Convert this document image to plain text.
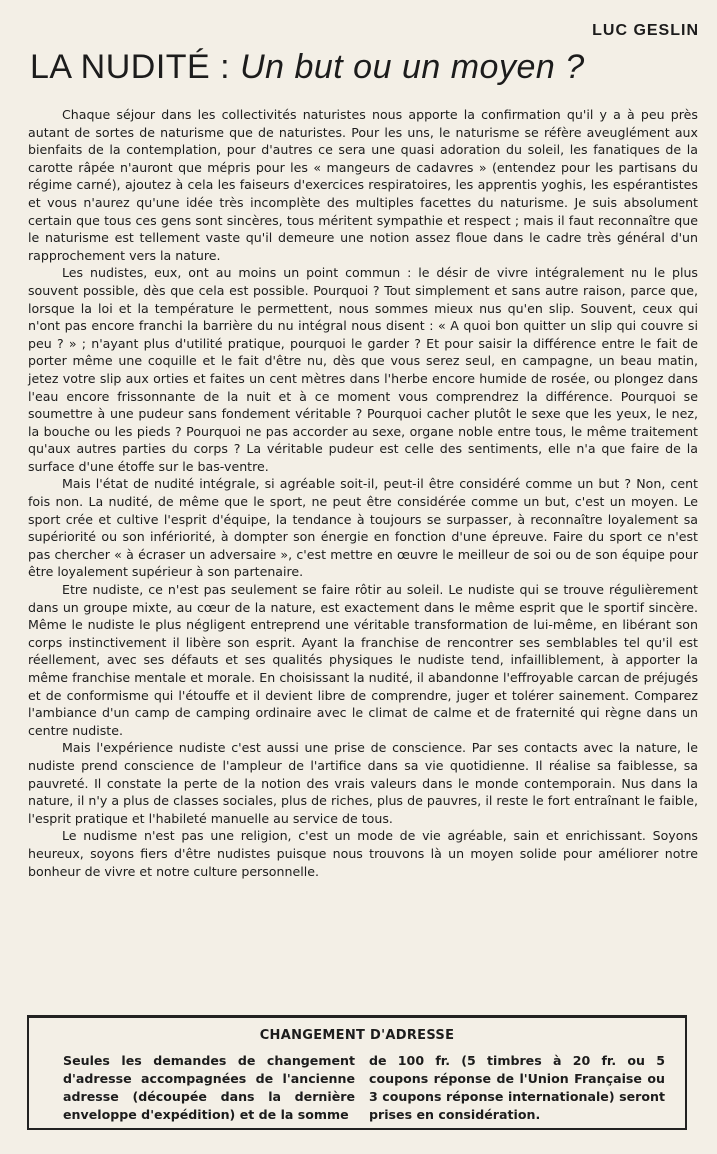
LUC GESLIN
LA NUDITÉ : Un but ou un moyen ?

Chaque séjour dans les collectivités naturistes nous apporte la confirmation qu'il y a à peu près autant de sortes de naturisme que de naturistes. Pour les uns, le naturisme se réfère aveuglément aux bienfaits de la contemplation, pour d'autres ce sera une quasi adoration du soleil, les fanatiques de la carotte râpée n'auront que mépris pour les « mangeurs de cadavres » (entendez pour les partisans du régime carné), ajoutez à cela les faiseurs d'exercices respiratoires, les apprentis yoghis, les espérantistes et vous n'aurez qu'une idée très incomplète des multiples facettes du naturisme. Je suis absolument certain que tous ces gens sont sincères, tous méritent sympathie et respect ; mais il faut reconnaître que le naturisme est tellement vaste qu'il demeure une notion assez floue dans le cadre très général d'un rapprochement vers la nature.

Les nudistes, eux, ont au moins un point commun : le désir de vivre intégralement nu le plus souvent possible, dès que cela est possible. Pourquoi ? Tout simplement et sans autre raison, parce que, lorsque la loi et la température le permettent, nous sommes mieux nus qu'en slip. Souvent, ceux qui n'ont pas encore franchi la barrière du nu intégral nous disent : « A quoi bon quitter un slip qui couvre si peu ? » ; n'ayant plus d'utilité pratique, pourquoi le garder ? Et pour saisir la différence entre le fait de porter même une coquille et le fait d'être nu, dès que vous serez seul, en campagne, un beau matin, jetez votre slip aux orties et faites un cent mètres dans l'herbe encore humide de rosée, ou plongez dans l'eau encore frissonnante de la nuit et à ce moment vous comprendrez la différence. Pourquoi se soumettre à une pudeur sans fondement véritable ? Pourquoi cacher plutôt le sexe que les yeux, le nez, la bouche ou les pieds ? Pourquoi ne pas accorder au sexe, organe noble entre tous, le même traitement qu'aux autres parties du corps ? La véritable pudeur est celle des sentiments, elle n'a que faire de la surface d'une étoffe sur le bas-ventre.

Mais l'état de nudité intégrale, si agréable soit-il, peut-il être considéré comme un but ? Non, cent fois non. La nudité, de même que le sport, ne peut être considérée comme un but, c'est un moyen. Le sport crée et cultive l'esprit d'équipe, la tendance à toujours se surpasser, à reconnaître loyalement sa supériorité ou son infériorité, à dompter son énergie en fonction d'une épreuve. Faire du sport ce n'est pas chercher « à écraser un adversaire », c'est mettre en œuvre le meilleur de soi ou de son équipe pour être loyalement supérieur à son partenaire.

Etre nudiste, ce n'est pas seulement se faire rôtir au soleil. Le nudiste qui se trouve régulièrement dans un groupe mixte, au cœur de la nature, est exactement dans le même esprit que le sportif sincère. Même le nudiste le plus négligent entreprend une véritable transformation de lui-même, en libérant son corps instinctivement il libère son esprit. Ayant la franchise de rencontrer ses semblables tel qu'il est réellement, avec ses défauts et ses qualités physiques le nudiste tend, infailliblement, à apporter la même franchise mentale et morale. En choisissant la nudité, il abandonne l'effroyable carcan de préjugés et de conformisme qui l'étouffe et il devient libre de comprendre, juger et tolérer sainement. Comparez l'ambiance d'un camp de camping ordinaire avec le climat de calme et de fraternité qui règne dans un centre nudiste.

Mais l'expérience nudiste c'est aussi une prise de conscience. Par ses contacts avec la nature, le nudiste prend conscience de l'ampleur de l'artifice dans sa vie quotidienne. Il réalise sa faiblesse, sa pauvreté. Il constate la perte de la notion des vrais valeurs dans le monde contemporain. Nus dans la nature, il n'y a plus de classes sociales, plus de riches, plus de pauvres, il reste le fort entraînant le faible, l'esprit pratique et l'habileté manuelle au service de tous.

Le nudisme n'est pas une religion, c'est un mode de vie agréable, sain et enrichissant. Soyons heureux, soyons fiers d'être nudistes puisque nous trouvons là un moyen solide pour améliorer notre bonheur de vivre et notre culture personnelle.

CHANGEMENT D'ADRESSE
Seules les demandes de changement d'adresse accompagnées de l'ancienne adresse (découpée dans la dernière enveloppe d'expédition) et de la somme
de 100 fr. (5 timbres à 20 fr. ou 5 coupons réponse de l'Union Française ou 3 coupons réponse internationale) seront prises en considération.
